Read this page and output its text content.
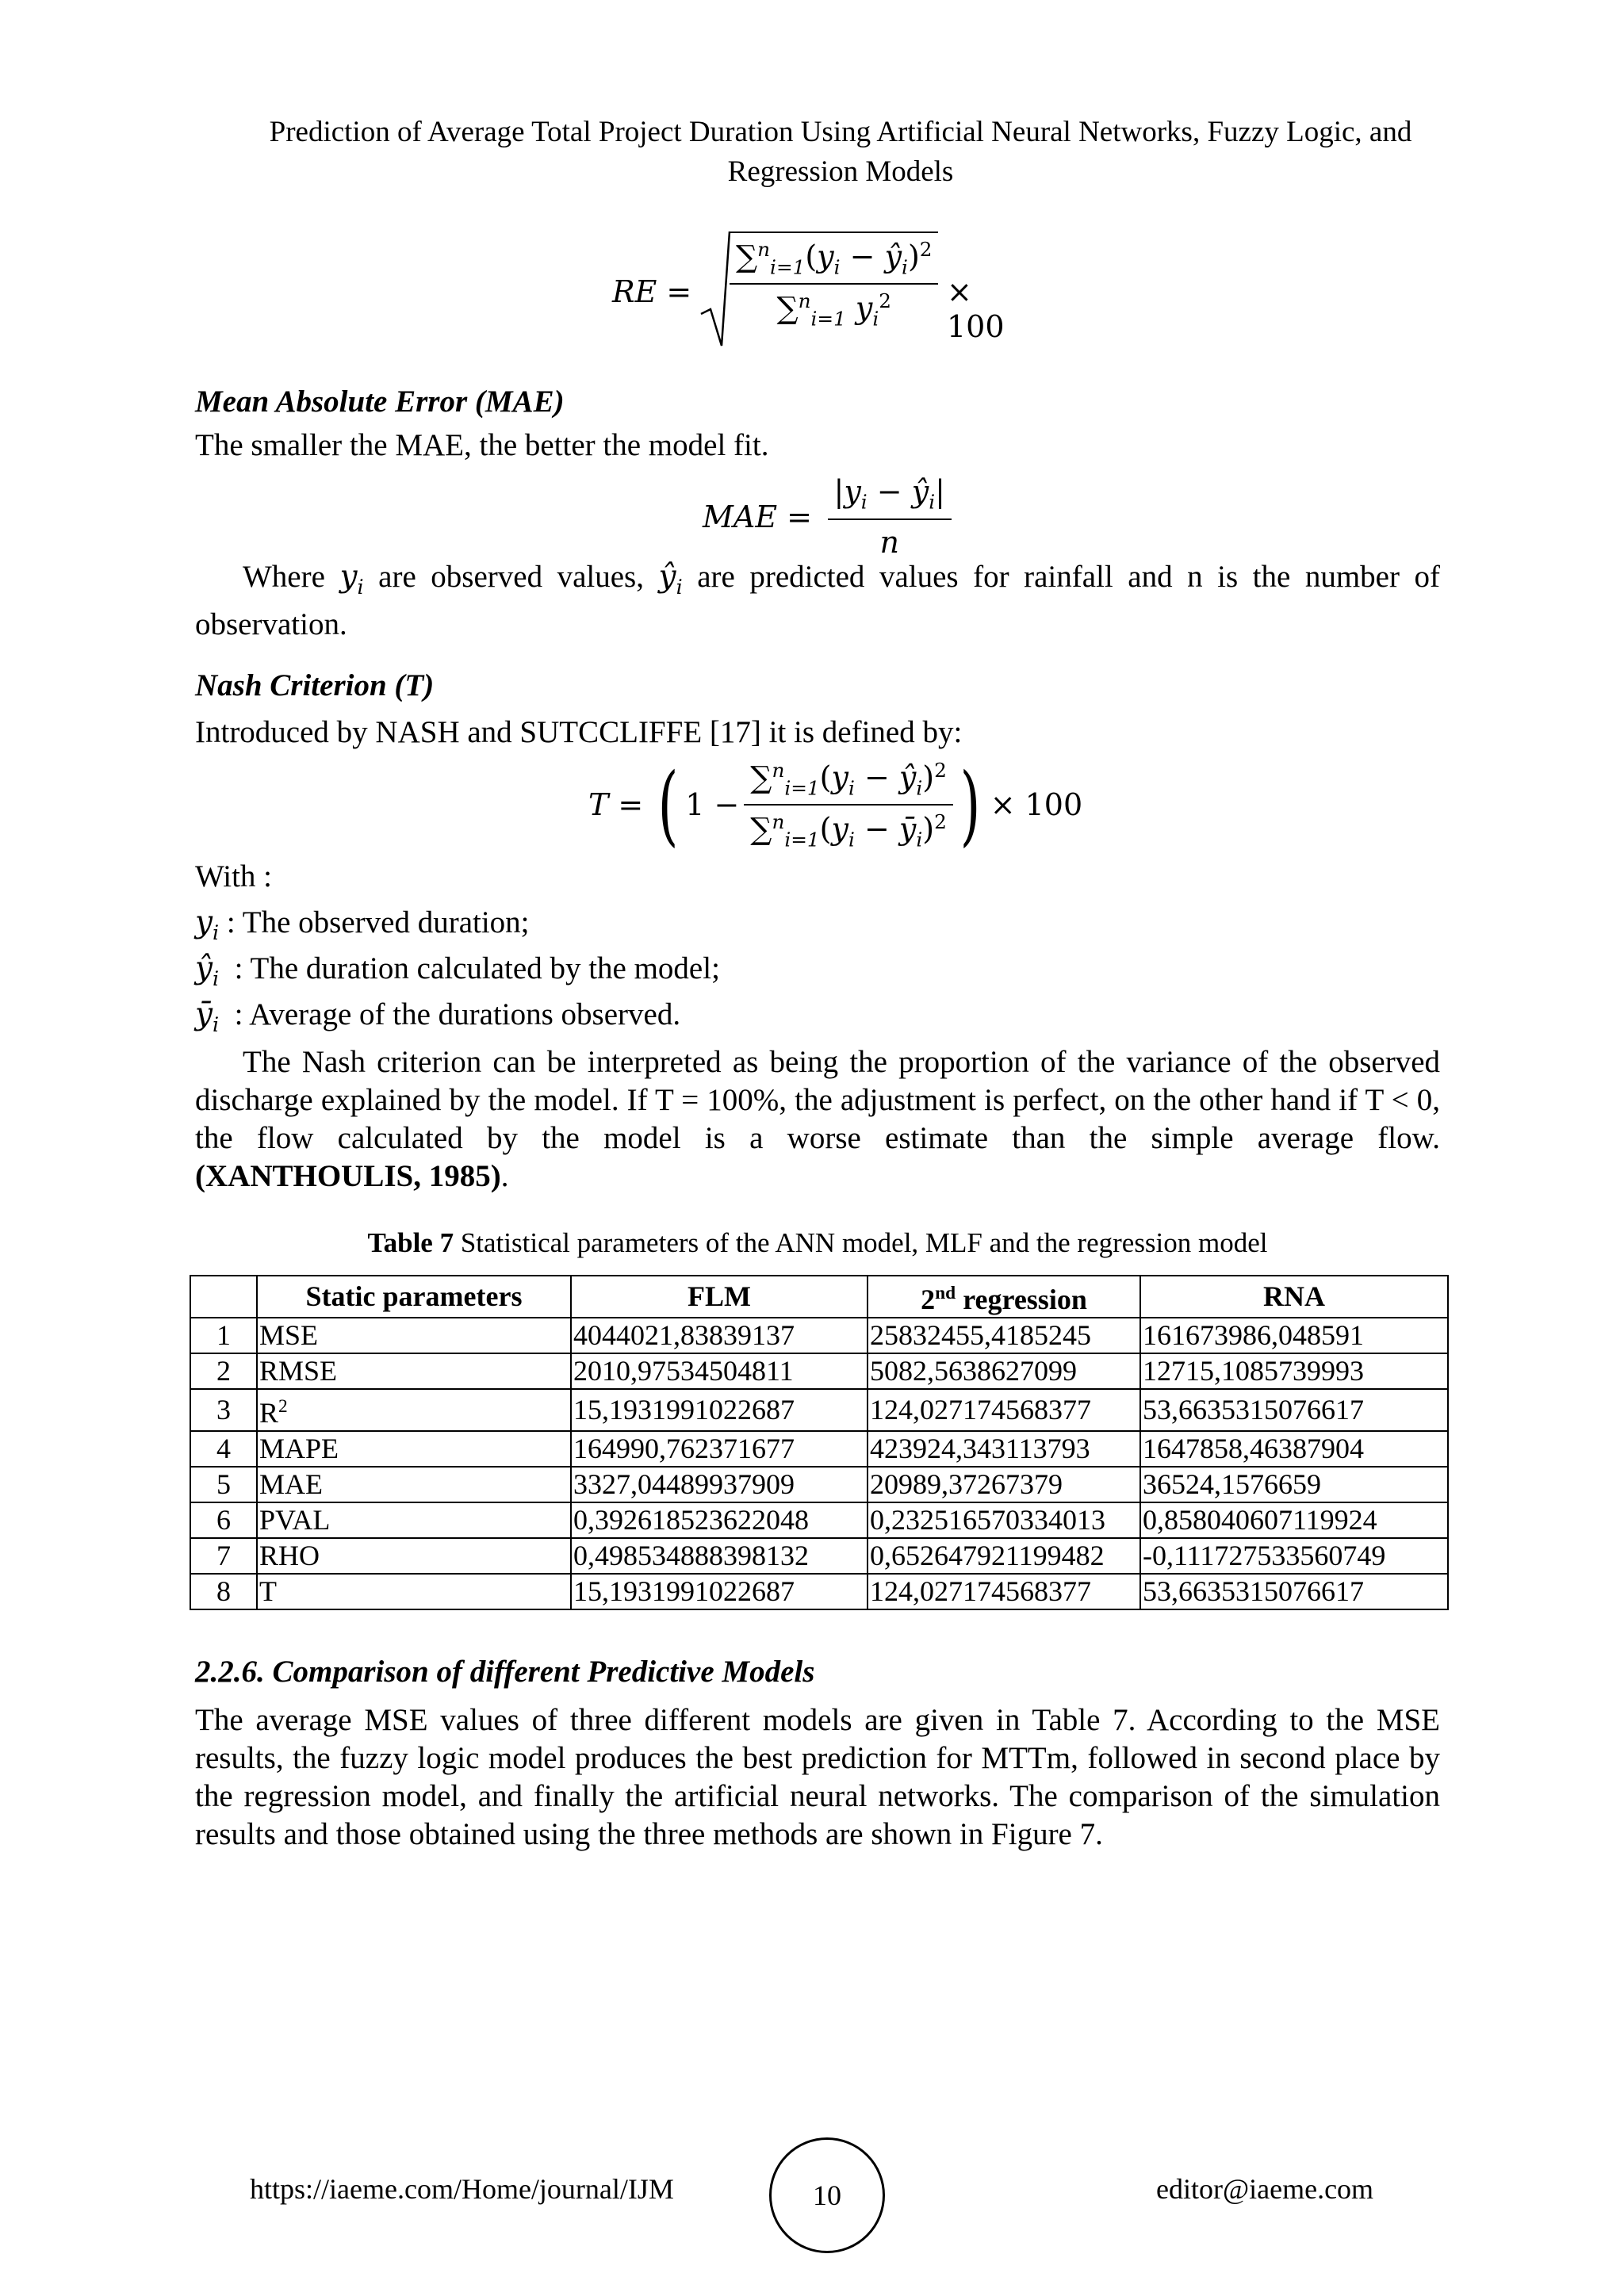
Prediction of Average Total Project Duration Using Artificial Neural Networks, Fuzzy Logic, and
Regression Models
RE = $\frac{\sum^n_{i=1}(y_i - ŷ_i)^2}{\sum^n_{i=1} y_i^2} \times 100$
Mean Absolute Error (MAE)
The smaller the MAE, the better the model fit.
MAE = $\frac{|y_i - ŷ_i|}{n}$
Where $y_i$ are observed values, $ŷ_i$ are predicted values for rainfall and n is the number of observation.
Nash Criterion (T)
Introduced by NASH and SUTCCLIFFE [17] it is defined by:
T = ( $1 - \frac{\sum^n_{i=1}(y_i - ŷ_i)^2}{\sum^n_{i=1}(y_i - ȳ_i)^2}$ ) × 100
With :
$y_i$ : The observed duration;
$ŷ_i$ : The duration calculated by the model;
$ȳ_i$ : Average of the durations observed.
The Nash criterion can be interpreted as being the proportion of the variance of the observed discharge explained by the model. If T = 100%, the adjustment is perfect, on the other hand if T < 0, the flow calculated by the model is a worse estimate than the simple average flow. (XANTHOULIS, 1985).
Table 7 Statistical parameters of the ANN model, MLF and the regression model
	Static parameters	FLM	2nd regression	RNA
1	MSE	4044021,83839137	25832455,4185245	161673986,048591
2	RMSE	2010,97534504811	5082,5638627099	12715,1085739993
3	$R^2$	15,1931991022687	124,027174568377	53,6635315076617
4	MAPE	164990,762371677	423924,343113793	1647858,46387904
5	MAE	3327,04489937909	20989,37267379	36524,1576659
6	PVAL	0,392618523622048	0,232516570334013	0,858040607119924
7	RHO	0,498534888398132	0,652647921199482	-0,111727533560749
8	T	15,1931991022687	124,027174568377	53,6635315076617
2.2.6. Comparison of different Predictive Models
The average MSE values of three different models are given in Table 7. According to the MSE results, the fuzzy logic model produces the best prediction for MTTm, followed in second place by the regression model, and finally the artificial neural networks. The comparison of the simulation results and those obtained using the three methods are shown in Figure 7.
https://iaeme.com/Home/journal/IJM	10	editor@iaeme.com
